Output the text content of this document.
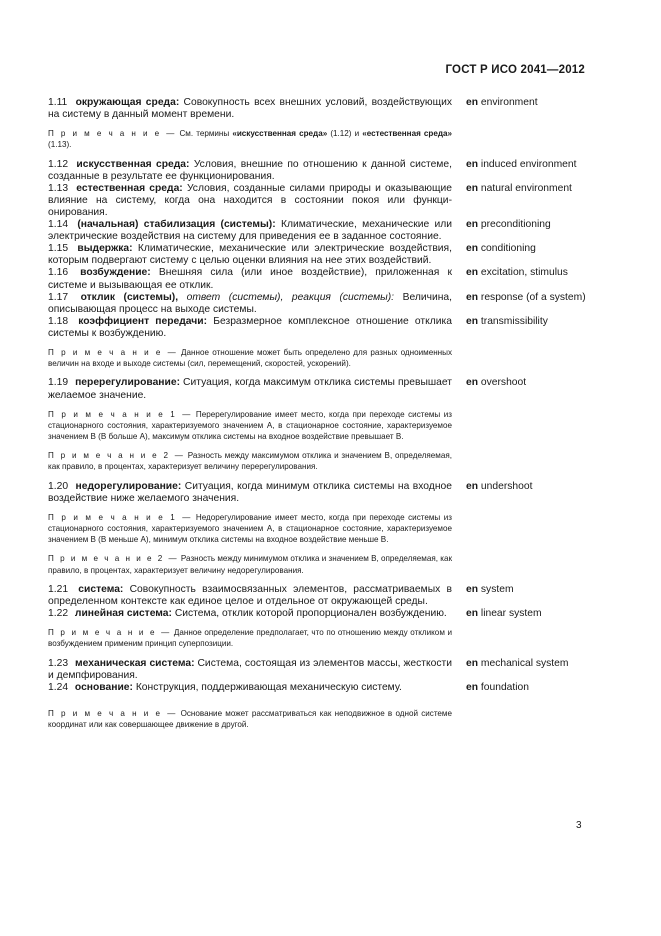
ГОСТ Р ИСО 2041—2012
1.11 окружающая среда: Совокупность всех внешних условий, воздействующих на систему в данный момент времени.
en environment
П р и м е ч а н и е — См. термины «искусственная среда» (1.12) и «естественная среда» (1.13).
1.12 искусственная среда: Условия, внешние по отношению к данной системе, созданные в результате ее функционирования.
en induced environment
1.13 естественная среда: Условия, созданные силами природы и оказывающие влияние на систему, когда она находится в состоянии покоя или функционирования.
en natural environment
1.14 (начальная) стабилизация (системы): Климатические, механические или электрические воздействия на систему для приведения ее в заданное состояние.
en preconditioning
1.15 выдержка: Климатические, механические или электрические воздействия, которым подвергают систему с целью оценки влияния на нее этих воздействий.
en conditioning
1.16 возбуждение: Внешняя сила (или иное воздействие), приложенная к системе и вызывающая ее отклик.
en excitation, stimulus
1.17 отклик (системы), ответ (системы), реакция (системы): Величина, описывающая процесс на выходе системы.
en response (of a system)
1.18 коэффициент передачи: Безразмерное комплексное отношение отклика системы к возбуждению.
en transmissibility
П р и м е ч а н и е — Данное отношение может быть определено для разных одноименных величин на входе и выходе системы (сил, перемещений, скоростей, ускорений).
1.19 перерегулирование: Ситуация, когда максимум отклика системы превышает желаемое значение.
en overshoot
П р и м е ч а н и е 1 — Перерегулирование имеет место, когда при переходе системы из стационарного состояния, характеризуемого значением A, в стационарное состояние, характеризуемое значением B (B больше A), максимум отклика системы на входное воздействие превышает B.
П р и м е ч а н и е 2 — Разность между максимумом отклика и значением B, определяемая, как правило, в процентах, характеризует величину перерегулирования.
1.20 недорегулирование: Ситуация, когда минимум отклика системы на входное воздействие ниже желаемого значения.
en undershoot
П р и м е ч а н и е 1 — Недорегулирование имеет место, когда при переходе системы из стационарного состояния, характеризуемого значением A, в стационарное состояние, характеризуемое значением B (B меньше A), минимум отклика системы на входное воздействие меньше B.
П р и м е ч а н и е 2 — Разность между минимумом отклика и значением B, определяемая, как правило, в процентах, характеризует величину недорегулирования.
1.21 система: Совокупность взаимосвязанных элементов, рассматриваемых в определенном контексте как единое целое и отдельное от окружающей среды.
en system
1.22 линейная система: Система, отклик которой пропорционален возбуждению.	en linear system
П р и м е ч а н и е — Данное определение предполагает, что по отношению между откликом и возбуждением применим принцип суперпозиции.
1.23 механическая система: Система, состоящая из элементов массы, жесткости и демпфирования.
en mechanical system
1.24 основание: Конструкция, поддерживающая механическую систему.	en foundation
П р и м е ч а н и е — Основание может рассматриваться как неподвижное в одной системе координат или как совершающее движение в другой.
3
